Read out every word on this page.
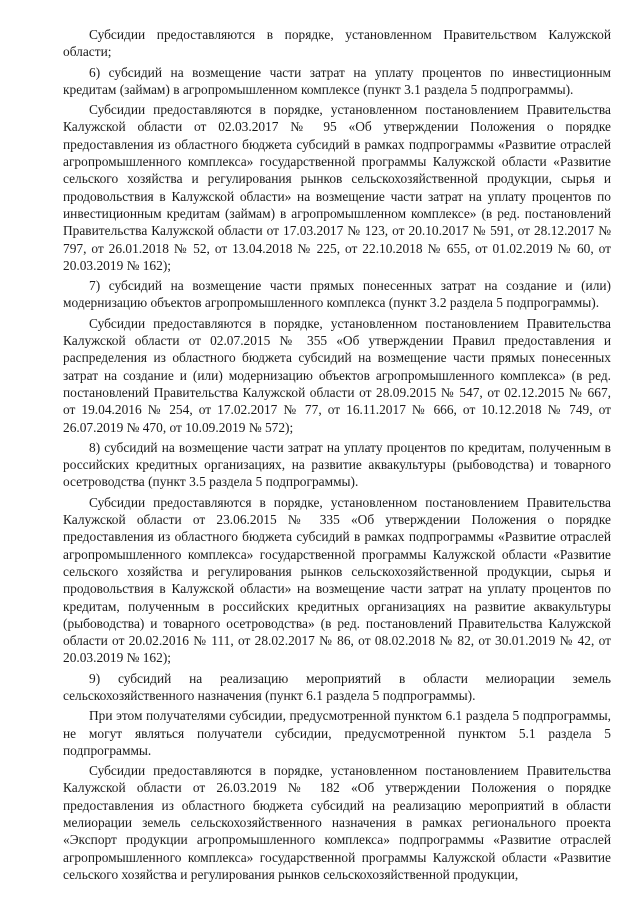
Субсидии предоставляются в порядке, установленном Правительством Калужской области;

6) субсидий на возмещение части затрат на уплату процентов по инвестиционным кредитам (займам) в агропромышленном комплексе (пункт 3.1 раздела 5 подпрограммы).

Субсидии предоставляются в порядке, установленном постановлением Правительства Калужской области от 02.03.2017 № 95 «Об утверждении Положения о порядке предоставления из областного бюджета субсидий в рамках подпрограммы «Развитие отраслей агропромышленного комплекса» государственной программы Калужской области «Развитие сельского хозяйства и регулирования рынков сельскохозяйственной продукции, сырья и продовольствия в Калужской области» на возмещение части затрат на уплату процентов по инвестиционным кредитам (займам) в агропромышленном комплексе» (в ред. постановлений Правительства Калужской области от 17.03.2017 № 123, от 20.10.2017 № 591, от 28.12.2017 № 797, от 26.01.2018 № 52, от 13.04.2018 № 225, от 22.10.2018 № 655, от 01.02.2019 № 60, от 20.03.2019 № 162);

7) субсидий на возмещение части прямых понесенных затрат на создание и (или) модернизацию объектов агропромышленного комплекса (пункт 3.2 раздела 5 подпрограммы).

Субсидии предоставляются в порядке, установленном постановлением Правительства Калужской области от 02.07.2015 № 355 «Об утверждении Правил предоставления и распределения из областного бюджета субсидий на возмещение части прямых понесенных затрат на создание и (или) модернизацию объектов агропромышленного комплекса» (в ред. постановлений Правительства Калужской области от 28.09.2015 № 547, от 02.12.2015 № 667, от 19.04.2016 № 254, от 17.02.2017 № 77, от 16.11.2017 № 666, от 10.12.2018 № 749, от 26.07.2019 № 470, от 10.09.2019 № 572);

8) субсидий на возмещение части затрат на уплату процентов по кредитам, полученным в российских кредитных организациях, на развитие аквакультуры (рыбоводства) и товарного осетроводства (пункт 3.5 раздела 5 подпрограммы).

Субсидии предоставляются в порядке, установленном постановлением Правительства Калужской области от 23.06.2015 № 335 «Об утверждении Положения о порядке предоставления из областного бюджета субсидий в рамках подпрограммы «Развитие отраслей агропромышленного комплекса» государственной программы Калужской области «Развитие сельского хозяйства и регулирования рынков сельскохозяйственной продукции, сырья и продовольствия в Калужской области» на возмещение части затрат на уплату процентов по кредитам, полученным в российских кредитных организациях на развитие аквакультуры (рыбоводства) и товарного осетроводства» (в ред. постановлений Правительства Калужской области от 20.02.2016 № 111, от 28.02.2017 № 86, от 08.02.2018 № 82, от 30.01.2019 № 42, от 20.03.2019 № 162);

9) субсидий на реализацию мероприятий в области мелиорации земель сельскохозяйственного назначения (пункт 6.1 раздела 5 подпрограммы).

При этом получателями субсидии, предусмотренной пунктом 6.1 раздела 5 подпрограммы, не могут являться получатели субсидии, предусмотренной пунктом 5.1 раздела 5 подпрограммы.

Субсидии предоставляются в порядке, установленном постановлением Правительства Калужской области от 26.03.2019 № 182 «Об утверждении Положения о порядке предоставления из областного бюджета субсидий на реализацию мероприятий в области мелиорации земель сельскохозяйственного назначения в рамках регионального проекта «Экспорт продукции агропромышленного комплекса» подпрограммы «Развитие отраслей агропромышленного комплекса» государственной программы Калужской области «Развитие сельского хозяйства и регулирования рынков сельскохозяйственной продукции,
